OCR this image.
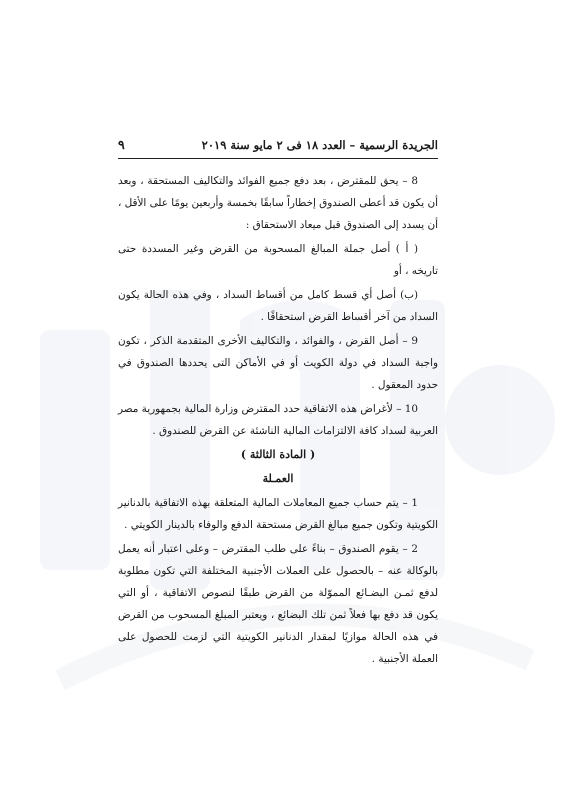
الجريدة الرسمية – العدد ١٨ فى ٢ مايو سنة ٢٠١٩
٩

8 – يحق للمقترض ، بعد دفع جميع الفوائد والتكاليف المستحقة ، وبعد أن يكون قد أعطى الصندوق إخطاراً سابقًا بخمسة وأربعين يومًا على الأقل ، أن يسدد إلى الصندوق قبل ميعاد الاستحقاق :

( أ ) أصل جملة المبالغ المسحوبة من القرض وغير المسددة حتى تاريخه ، أو

(ب) أصل أي قسط كامل من أقساط السداد ، وفي هذه الحالة يكون السداد من آخر أقساط القرض استحقاقًا .

9 – أصل القرض ، والفوائد ، والتكاليف الأخرى المتقدمة الذكر ، تكون واجبة السداد في دولة الكويت أو في الأماكن التى يحددها الصندوق في حدود المعقول .

10 – لأغراض هذه الاتفاقية حدد المقترض وزارة المالية بجمهورية مصر العربية لسداد كافة الالتزامات المالية الناشئة عن القرض للصندوق .

( المادة الثالثة )

العمـلة

1 – يتم حساب جميع المعاملات المالية المتعلقة بهذه الاتفاقية بالدنانير الكويتية وتكون جميع مبالغ القرض مستحقة الدفع والوفاء بالدينار الكويتي .

2 – يقوم الصندوق – بناءً على طلب المقترض – وعلى اعتبار أنه يعمل بالوكالة عنه – بالحصول على العملات الأجنبية المختلفة التي تكون مطلوبة لدفع ثمـن البضـائع المموّلة من القرض طبقًا لنصوص الاتفاقية ، أو التي يكون قد دفع بها فعلاً ثمن تلك البضائع ، ويعتبر المبلغ المسحوب من القرض في هذه الحالة موازيًا لمقدار الدنانير الكويتية التي لزمت للحصول على العملة الأجنبية .
